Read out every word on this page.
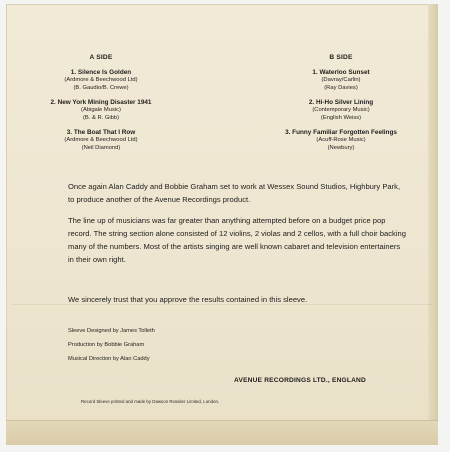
A SIDE
1. Silence Is Golden
(Ardmore & Beechwood Ltd)
(B. Gaudio/B. Crewe)
2. New York Mining Disaster 1941
(Abigale Music)
(B. & R. Gibb)
3. The Boat That I Row
(Ardmore & Beechwood Ltd)
(Neil Diamond)
B SIDE
1. Waterloo Sunset
(Davray/Carlin)
(Ray Davies)
2. Hi-Ho Silver Lining
(Contemporary Music)
(English Weiss)
3. Funny Familiar Forgotten Feelings
(Acuff-Rose Music)
(Newbury)
Once again Alan Caddy and Bobbie Graham set to work at Wessex Sound Studios, Highbury Park, to produce another of the Avenue Recordings product.
The line up of musicians was far greater than anything attempted before on a budget price pop record. The string section alone consisted of 12 violins, 2 violas and 2 cellos, with a full choir backing many of the numbers. Most of the artists singing are well known cabaret and television entertainers in their own right.
We sincerely trust that you approve the results contained in this sleeve.
Sleeve Designed by James Tolleth
Production by Bobbie Graham
Musical Direction by Alan Caddy
AVENUE RECORDINGS LTD., ENGLAND
Record Sleeve printed and made by Dawson Rossiter Limited, London.
